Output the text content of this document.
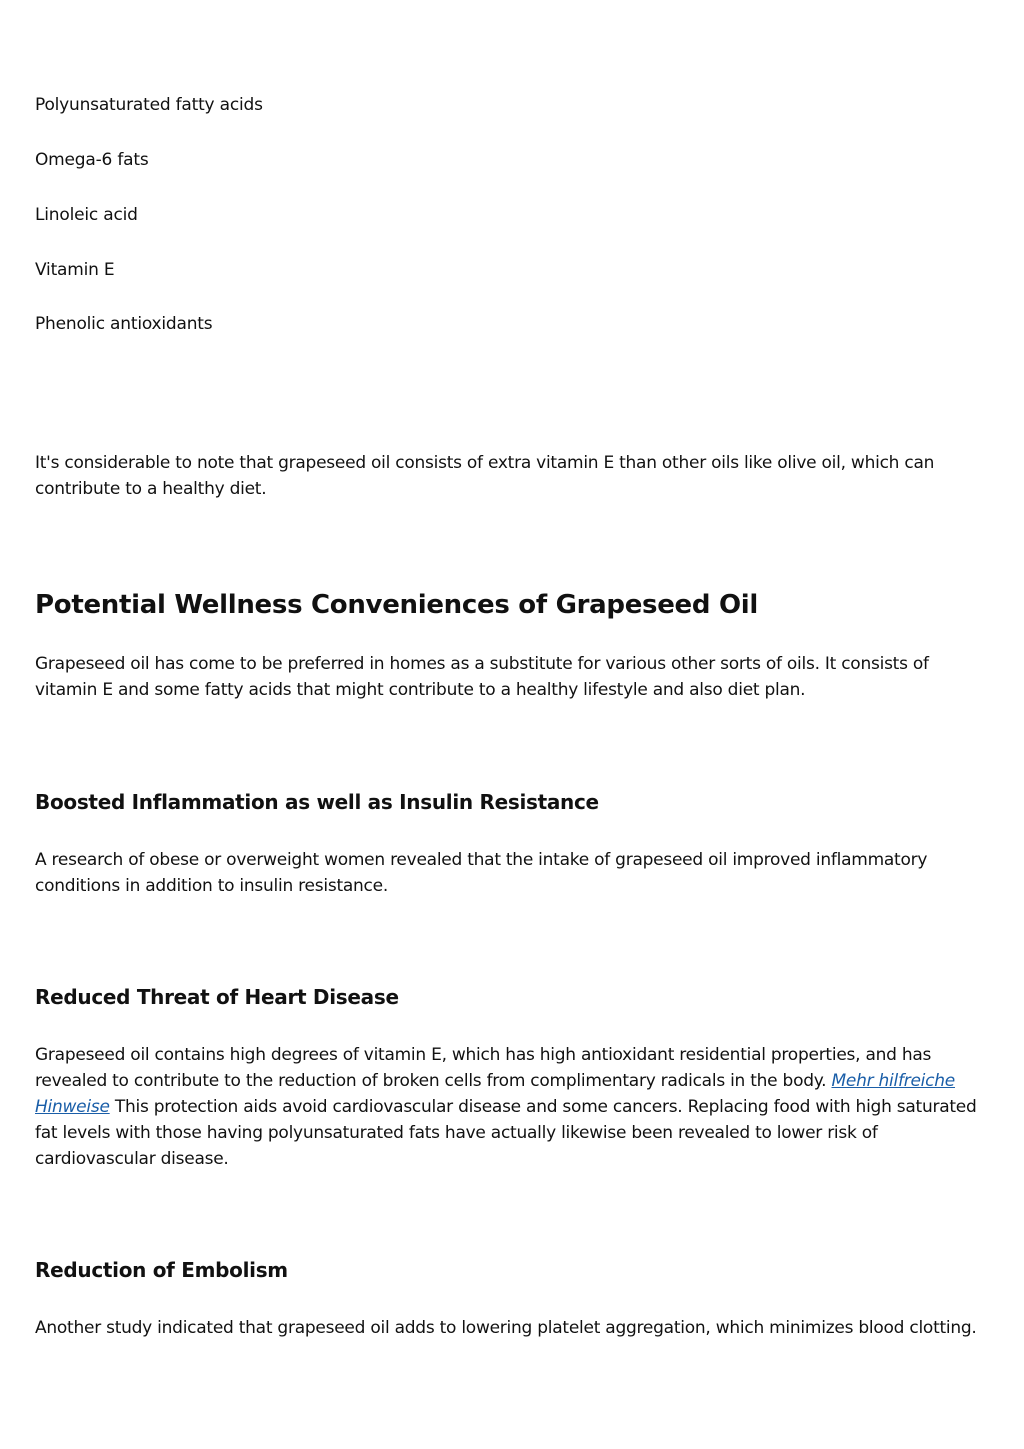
Polyunsaturated fatty acids

Omega-6 fats

Linoleic acid

Vitamin E

Phenolic antioxidants

It's considerable to note that grapeseed oil consists of extra vitamin E than other oils like olive oil, which can contribute to a healthy diet.

Potential Wellness Conveniences of Grapeseed Oil

Grapeseed oil has come to be preferred in homes as a substitute for various other sorts of oils. It consists of vitamin E and some fatty acids that might contribute to a healthy lifestyle and also diet plan.

Boosted Inflammation as well as Insulin Resistance

A research of obese or overweight women revealed that the intake of grapeseed oil improved inflammatory conditions in addition to insulin resistance.

Reduced Threat of Heart Disease

Grapeseed oil contains high degrees of vitamin E, which has high antioxidant residential properties, and has revealed to contribute to the reduction of broken cells from complimentary radicals in the body. Mehr hilfreiche Hinweise This protection aids avoid cardiovascular disease and some cancers. Replacing food with high saturated fat levels with those having polyunsaturated fats have actually likewise been revealed to lower risk of cardiovascular disease.

Reduction of Embolism

Another study indicated that grapeseed oil adds to lowering platelet aggregation, which minimizes blood clotting.
